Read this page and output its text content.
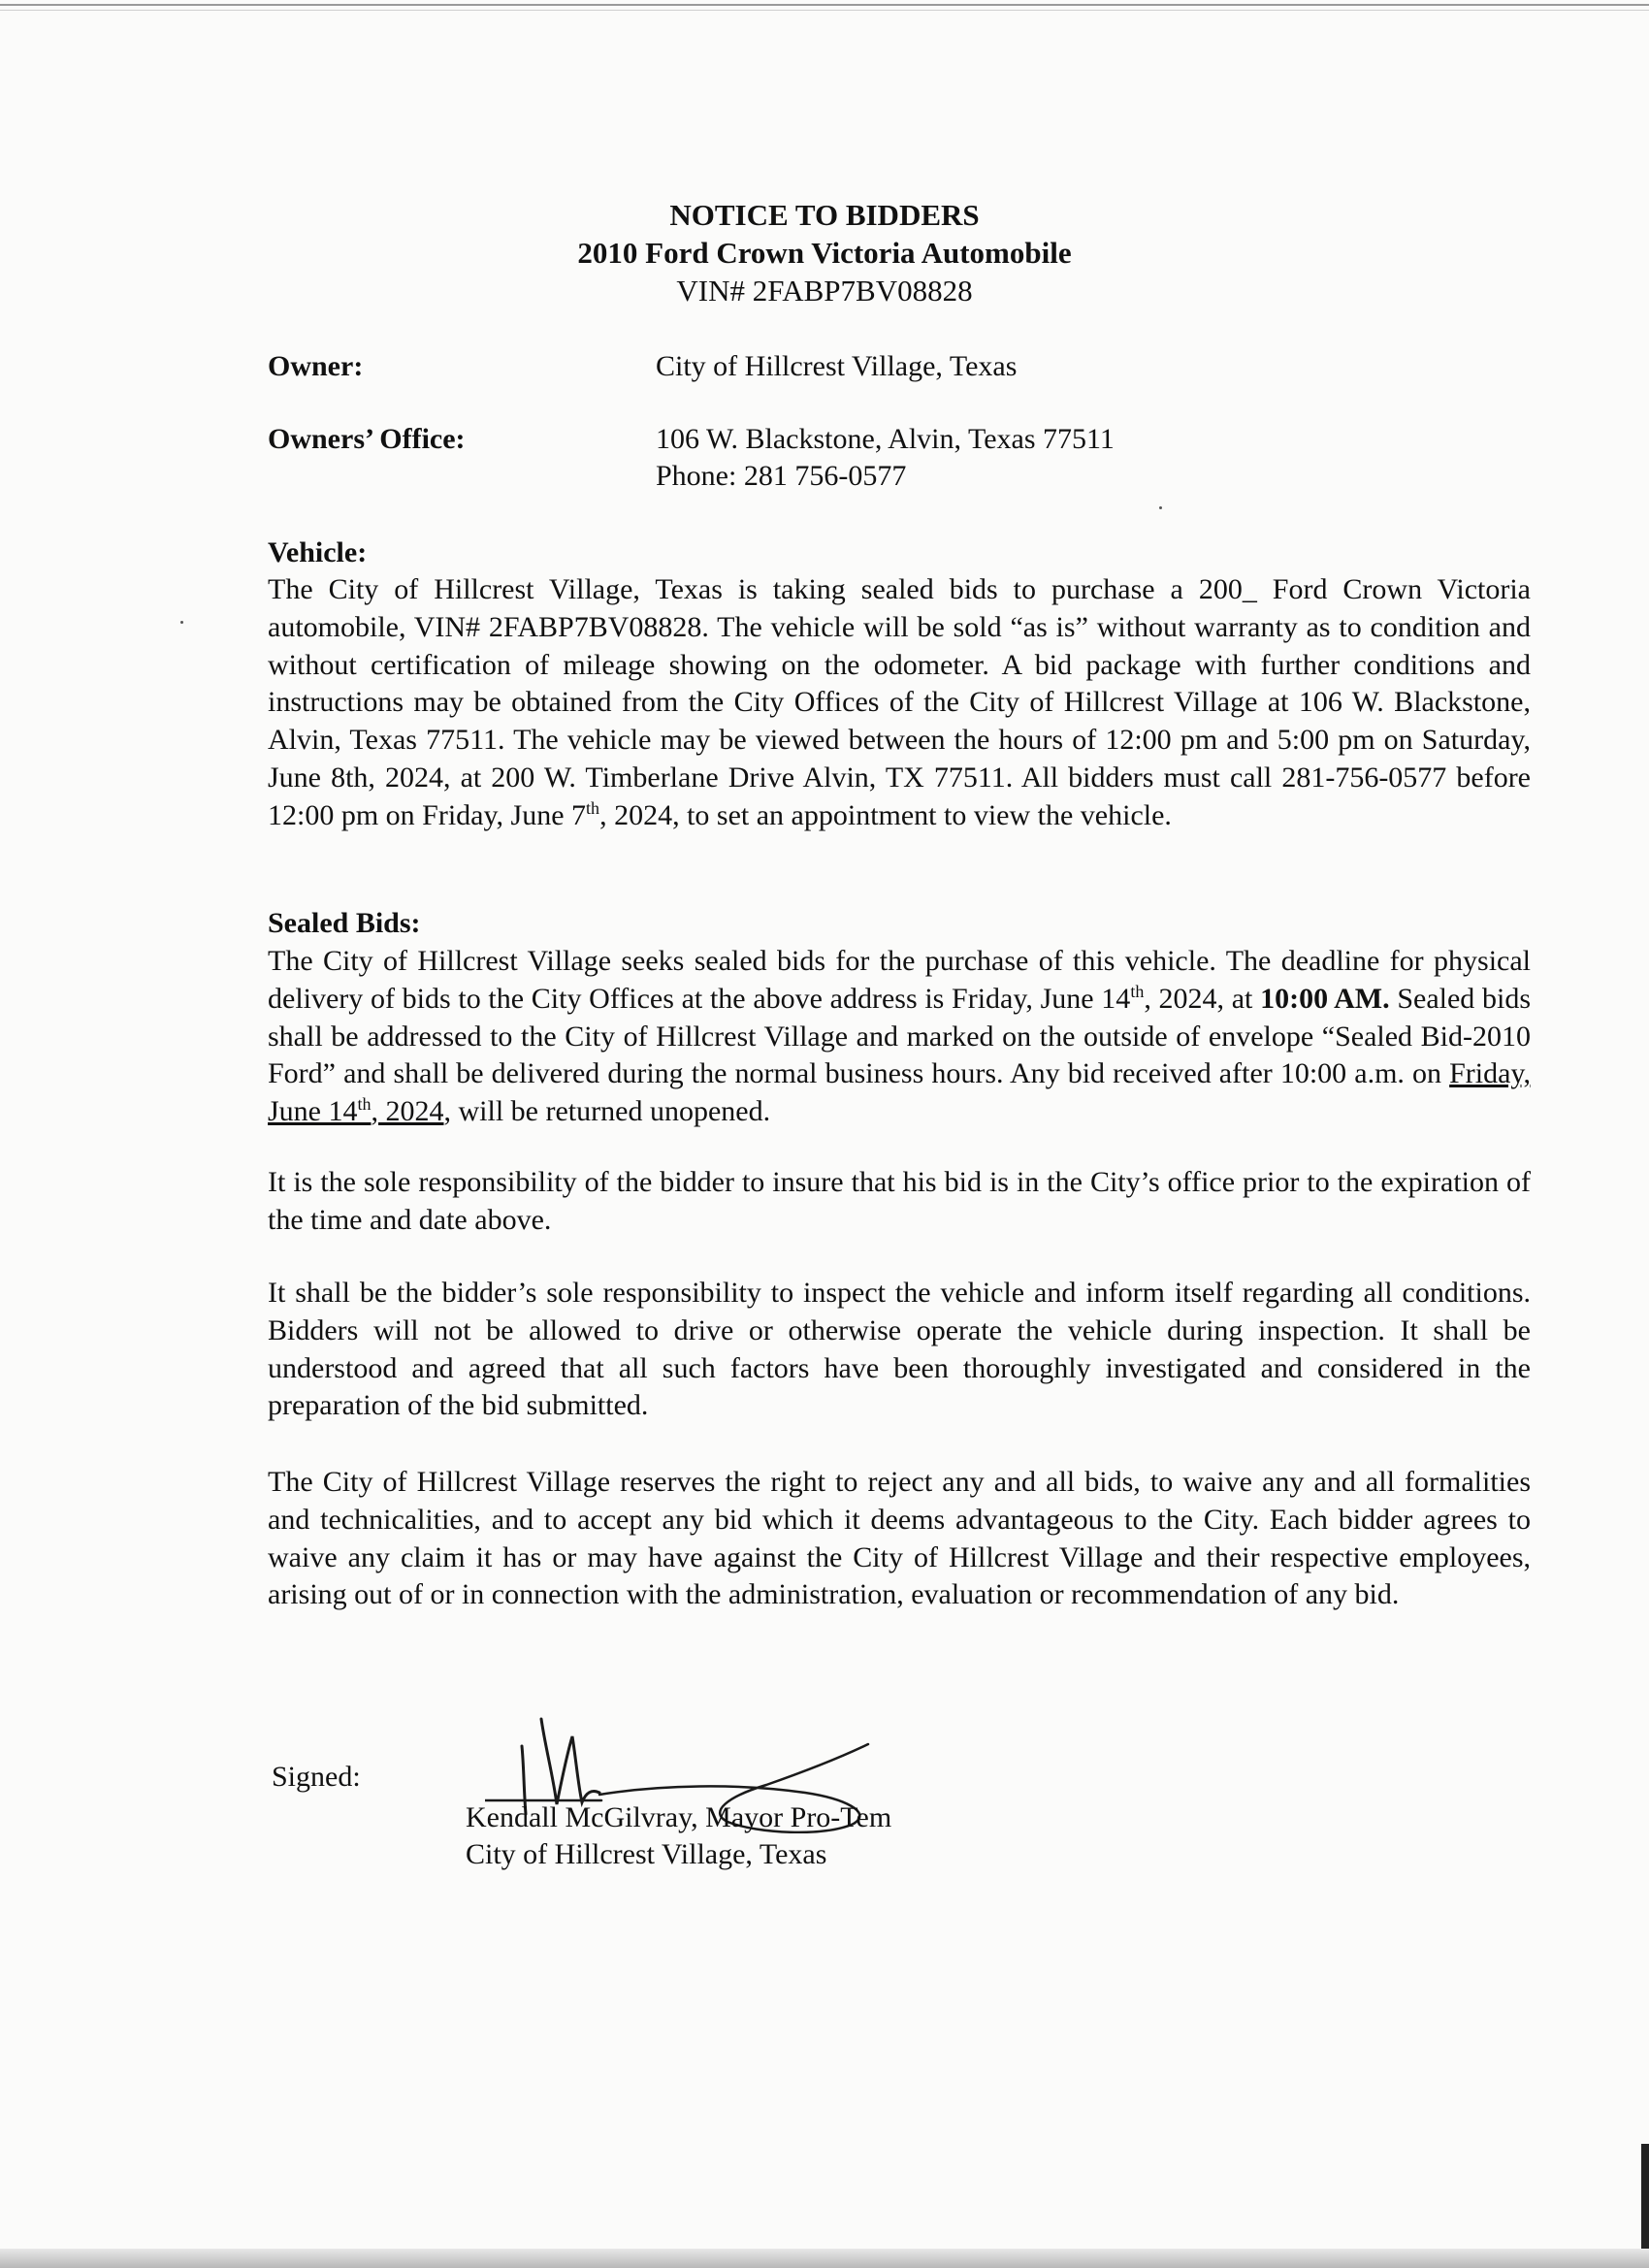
NOTICE TO BIDDERS
2010 Ford Crown Victoria Automobile
VIN# 2FABP7BV08828
Owner:	City of Hillcrest Village, Texas
Owners’ Office:	106 W. Blackstone, Alvin, Texas 77511
Phone: 281 756-0577
Vehicle:

The City of Hillcrest Village, Texas is taking sealed bids to purchase a 200_ Ford Crown Victoria automobile, VIN# 2FABP7BV08828. The vehicle will be sold “as is” without warranty as to condition and without certification of mileage showing on the odometer. A bid package with further conditions and instructions may be obtained from the City Offices of the City of Hillcrest Village at 106 W. Blackstone, Alvin, Texas 77511. The vehicle may be viewed between the hours of 12:00 pm and 5:00 pm on Saturday, June 8th, 2024, at 200 W. Timberlane Drive Alvin, TX 77511. All bidders must call 281-756-0577 before 12:00 pm on Friday, June 7th, 2024, to set an appointment to view the vehicle.

Sealed Bids:

The City of Hillcrest Village seeks sealed bids for the purchase of this vehicle. The deadline for physical delivery of bids to the City Offices at the above address is Friday, June 14th, 2024, at 10:00 AM. Sealed bids shall be addressed to the City of Hillcrest Village and marked on the outside of envelope “Sealed Bid-2010 Ford” and shall be delivered during the normal business hours. Any bid received after 10:00 a.m. on Friday, June 14th, 2024, will be returned unopened.

It is the sole responsibility of the bidder to insure that his bid is in the City’s office prior to the expiration of the time and date above.

It shall be the bidder’s sole responsibility to inspect the vehicle and inform itself regarding all conditions. Bidders will not be allowed to drive or otherwise operate the vehicle during inspection. It shall be understood and agreed that all such factors have been thoroughly investigated and considered in the preparation of the bid submitted.

The City of Hillcrest Village reserves the right to reject any and all bids, to waive any and all formalities and technicalities, and to accept any bid which it deems advantageous to the City. Each bidder agrees to waive any claim it has or may have against the City of Hillcrest Village and their respective employees, arising out of or in connection with the administration, evaluation or recommendation of any bid.

Signed:
Kendall McGilvray, Mayor Pro-Tem
City of Hillcrest Village, Texas
